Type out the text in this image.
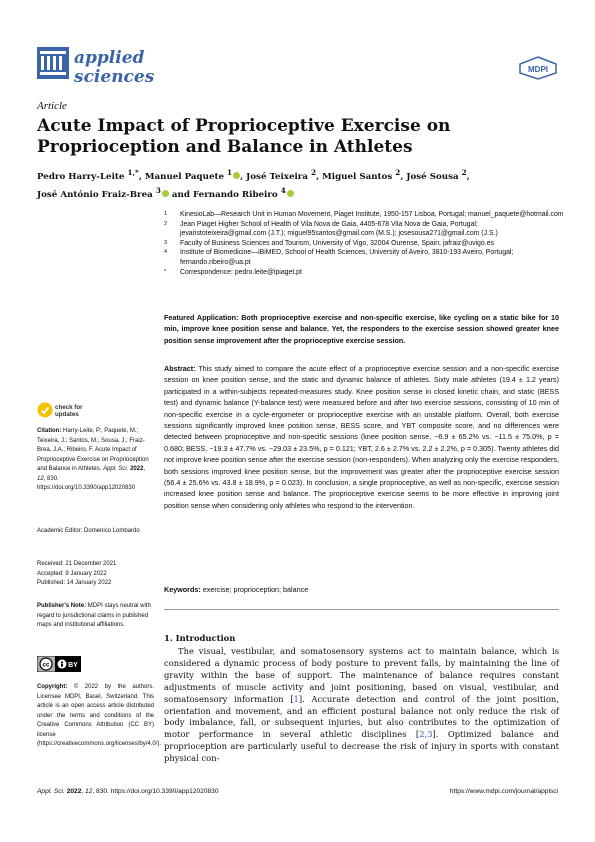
applied
sciences	MDPI
Article
Acute Impact of Proprioceptive Exercise on Proprioception and Balance in Athletes
Pedro Harry-Leite $^{1,*}$, Manuel Paquete $^1$ , José Teixeira $^2$, Miguel Santos $^2$, José Sousa $^2$,
José António Fraiz-Brea $^3$ and Fernando Ribeiro $^4$
1	KinesioLab—Research Unit in Human Movement, Piaget Institute, 1950-157 Lisboa, Portugal; manuel_paquete@hotmail.com
2	Jean Piaget Higher School of Health of Vila Nova de Gaia, 4405-678 Vila Nova de Gaia, Portugal; jevaristoteixeira@gmail.com (J.T.); miguel95santos@gmail.com (M.S.); josesousa271@gmail.com (J.S.)
3	Faculty of Business Sciences and Tourism, University of Vigo, 32004 Ourense, Spain; jafraiz@uvigo.es
4	Institute of Biomedicine—iBiMED, School of Health Sciences, University of Aveiro, 3810-193 Aveiro, Portugal; fernando.ribeiro@ua.pt
*	Correspondence: pedro.leite@ipiaget.pt
Featured Application: Both proprioceptive exercise and non-specific exercise, like cycling on a static bike for 10 min, improve knee position sense and balance. Yet, the responders to the exercise session showed greater knee position sense improvement after the proprioceptive exercise session.
Abstract: This study aimed to compare the acute effect of a proprioceptive exercise session and a non-specific exercise session on knee position sense, and the static and dynamic balance of athletes. Sixty male athletes (19.4 ± 1.2 years) participated in a within-subjects repeated-measures study. Knee position sense in closed kinetic chain, and static (BESS test) and dynamic balance (Y-balance test) were measured before and after two exercise sessions, consisting of 10 min of non-specific exercise in a cycle-ergometer or proprioceptive exercise with an unstable platform. Overall, both exercise sessions significantly improved knee position sense, BESS score, and YBT composite score, and no differences were detected between proprioceptive and non-specific sessions (knee position sense, −6.9 ± 65.2% vs. −11.5 ± 75.0%, p = 0.680; BESS, −19.3 ± 47.7% vs. −29.03 ± 23.5%, p = 0.121; YBT, 2.6 ± 2.7% vs. 2.2 ± 2.2%, p = 0.305). Twenty athletes did not improve knee position sense after the exercise session (non-responders). When analyzing only the exercise responders, both sessions improved knee position sense, but the improvement was greater after the proprioceptive exercise session (56.4 ± 25.6% vs. 43.8 ± 18.9%, p = 0.023). In conclusion, a single proprioceptive, as well as non-specific, exercise session increased knee position sense and balance. The proprioceptive exercise seems to be more effective in improving joint position sense when considering only athletes who respond to the intervention.
Keywords: exercise; proprioception; balance
check for
updates
Citation: Harry-Leite, P.; Paquete, M.; Teixeira, J.; Santos, M.; Sousa, J.; Fraiz-Brea, J.A.; Ribeiro, F. Acute Impact of Proprioceptive Exercise on Proprioception and Balance in Athletes. Appl. Sci. 2022, 12, 830. https://doi.org/10.3390/app12020830
Academic Editor: Domenico Lombardo
Received: 21 December 2021
Accepted: 9 January 2022
Published: 14 January 2022
Publisher's Note: MDPI stays neutral with regard to jurisdictional claims in published maps and institutional affiliations.
cc	BY
Copyright: © 2022 by the authors. Licensee MDPI, Basel, Switzerland. This article is an open access article distributed under the terms and conditions of the Creative Commons Attribution (CC BY) license (https://creativecommons.org/licenses/by/4.0/).
1. Introduction
The visual, vestibular, and somatosensory systems act to maintain balance, which is considered a dynamic process of body posture to prevent falls, by maintaining the line of gravity within the base of support. The maintenance of balance requires constant adjustments of muscle activity and joint positioning, based on visual, vestibular, and somatosensory information [1]. Accurate detection and control of the joint position, orientation and movement, and an efficient postural balance not only reduce the risk of body imbalance, fall, or subsequent injuries, but also contributes to the optimization of motor performance in several athletic disciplines [2,3]. Optimized balance and proprioception are particularly useful to decrease the risk of injury in sports with constant physical con-
Appl. Sci. 2022, 12, 830. https://doi.org/10.3390/app12020830	https://www.mdpi.com/journal/applsci
